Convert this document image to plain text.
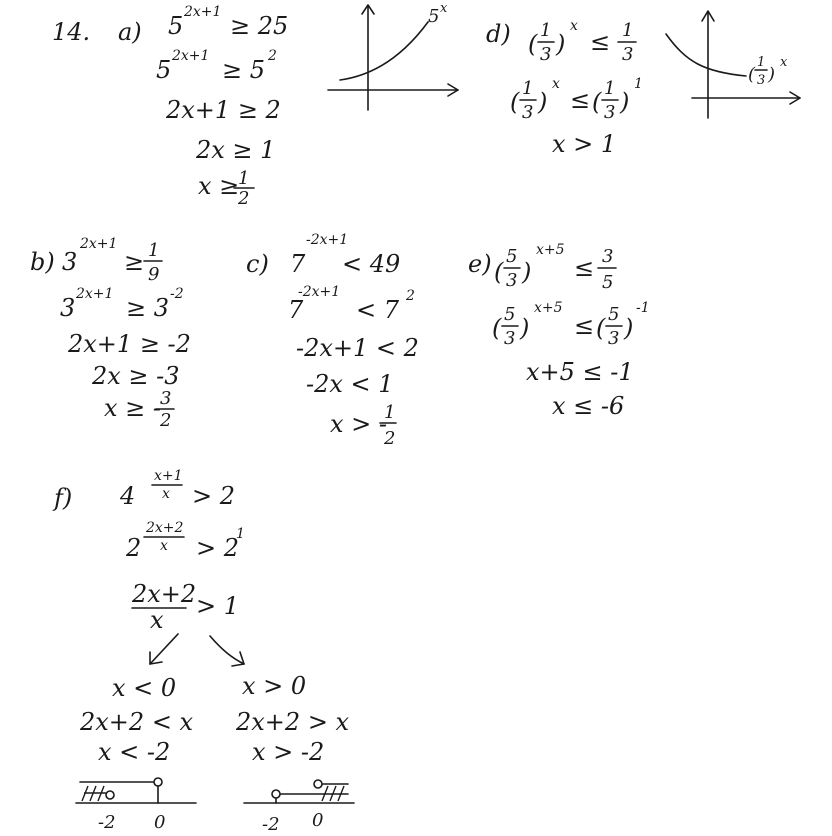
14. a) 5 2x+1 ≥ 25
5 2x+1 ≥ 5 2
2x+1 ≥ 2
2x ≥ 1
x ≥
1
2
5 x
d) ( 1
3 )
x
≤ 1
3
( 1
3 )
x
≤ ( 1
3 )
1
x > 1
(
1
3 )
x
b) 3
2x+1
≥ 1
9
3 2x+1 ≥ 3 -2
2x+1 ≥ -2
2x ≥ -3
x ≥ -
3
2
c) 7
-2x+1
< 49
7
-2x+1
< 7 2
-2x+1 < 2
-2x < 1
x > -
1
2
e) (
5
3 )
x+5
≤ 3
5
( 5
3 )
x+5
≤ ( 5
3 )
-1
x+5 ≤ -1
x ≤ -6
f) 4
x+1
x > 2
2
2x+2
x > 2
1
2x+2
x > 1
x < 0	x > 0
2x+2 < x 2x+2 > x
x < -2	x > -2
-2 0	-2 0
